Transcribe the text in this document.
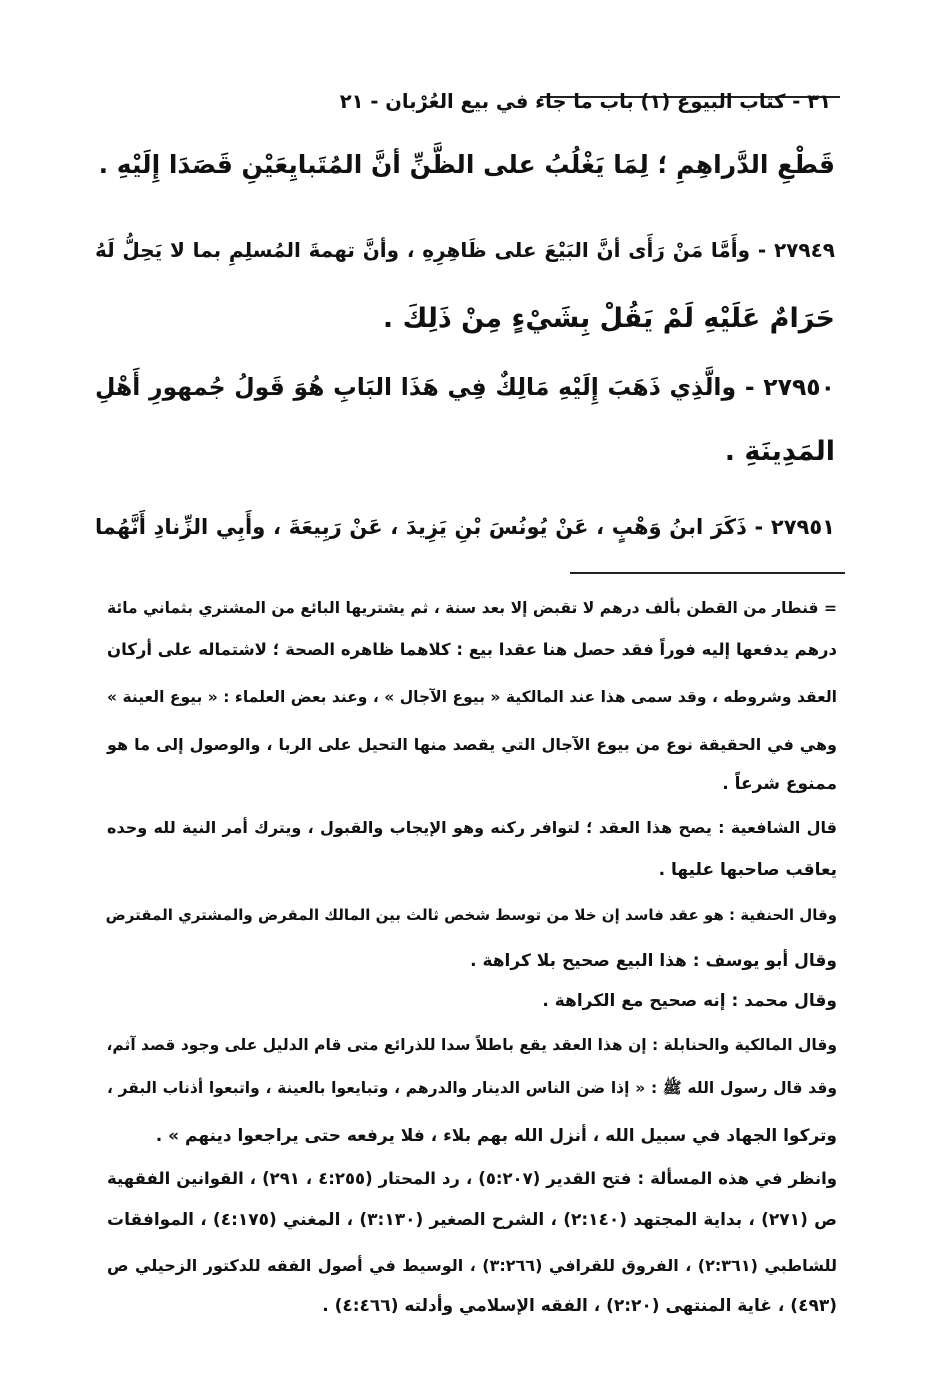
٣١ - كتاب البيوع (١) باب ما جاء في بيع العُرْبان - ٢١
قَطْعِ الدَّراهِمِ ؛ لِمَا يَغْلُبُ على الظَّنِّ أنَّ المُتَبايِعَيْنِ قَصَدَا إِلَيْهِ .
٢٧٩٤٩ - وأَمَّا مَنْ رَأَى أنَّ البَيْعَ على ظَاهِرِهِ ، وأنَّ تهمةَ المُسلِمِ بما لا يَحِلُّ لَهُ
حَرَامٌ عَلَيْهِ لَمْ يَقُلْ بِشَيْءٍ مِنْ ذَلِكَ .
٢٧٩٥٠ - والَّذِي ذَهَبَ إِلَيْهِ مَالِكٌ فِي هَذَا البَابِ هُوَ قَولُ جُمهورِ أَهْلِ
المَدِينَةِ .
٢٧٩٥١ - ذَكَرَ ابنُ وَهْبٍ ، عَنْ يُونُسَ بْنِ يَزِيدَ ، عَنْ رَبِيعَةَ ، وأَبِي الزِّنادِ أَنَّهُما
= قنطار من القطن بألف درهم لا تقبض إلا بعد سنة ، ثم يشتريها البائع من المشتري بثماني مائة
درهم يدفعها إليه فوراً فقد حصل هنا عقدا بيع : كلاهما ظاهره الصحة ؛ لاشتماله على أركان
العقد وشروطه ، وقد سمى هذا عند المالكية « بيوع الآجال » ، وعند بعض العلماء : « بيوع العينة »
وهي في الحقيقة نوع من بيوع الآجال التي يقصد منها التحيل على الربا ، والوصول إلى ما هو
ممنوع شرعاً .
قال الشافعية : يصح هذا العقد ؛ لتوافر ركنه وهو الإيجاب والقبول ، ويترك أمر النية لله وحده
يعاقب صاحبها عليها .
وقال الحنفية : هو عقد فاسد إن خلا من توسط شخص ثالث بين المالك المقرض والمشتري المقترض
وقال أبو يوسف : هذا البيع صحيح بلا كراهة .
وقال محمد : إنه صحيح مع الكراهة .
وقال المالكية والحنابلة : إن هذا العقد يقع باطلاً سدا للذرائع متى قام الدليل على وجود قصد آثم،
وقد قال رسول الله ﷺ : « إذا ضن الناس الدينار والدرهم ، وتبايعوا بالعينة ، واتبعوا أذناب البقر ،
وتركوا الجهاد في سبيل الله ، أنزل الله بهم بلاء ، فلا يرفعه حتى يراجعوا دينهم » .
وانظر في هذه المسألة : فتح القدير (٥:٢٠٧) ، رد المحتار (٤:٢٥٥ ، ٢٩١) ، القوانين الفقهية
ص (٢٧١) ، بداية المجتهد (٢:١٤٠) ، الشرح الصغير (٣:١٣٠) ، المغني (٤:١٧٥) ، الموافقات
للشاطبي (٢:٣٦١) ، الفروق للقرافي (٣:٢٦٦) ، الوسيط في أصول الفقه للدكتور الزحيلي ص
(٤٩٣) ، غاية المنتهى (٢:٢٠) ، الفقه الإسلامي وأدلته (٤:٤٦٦) .
